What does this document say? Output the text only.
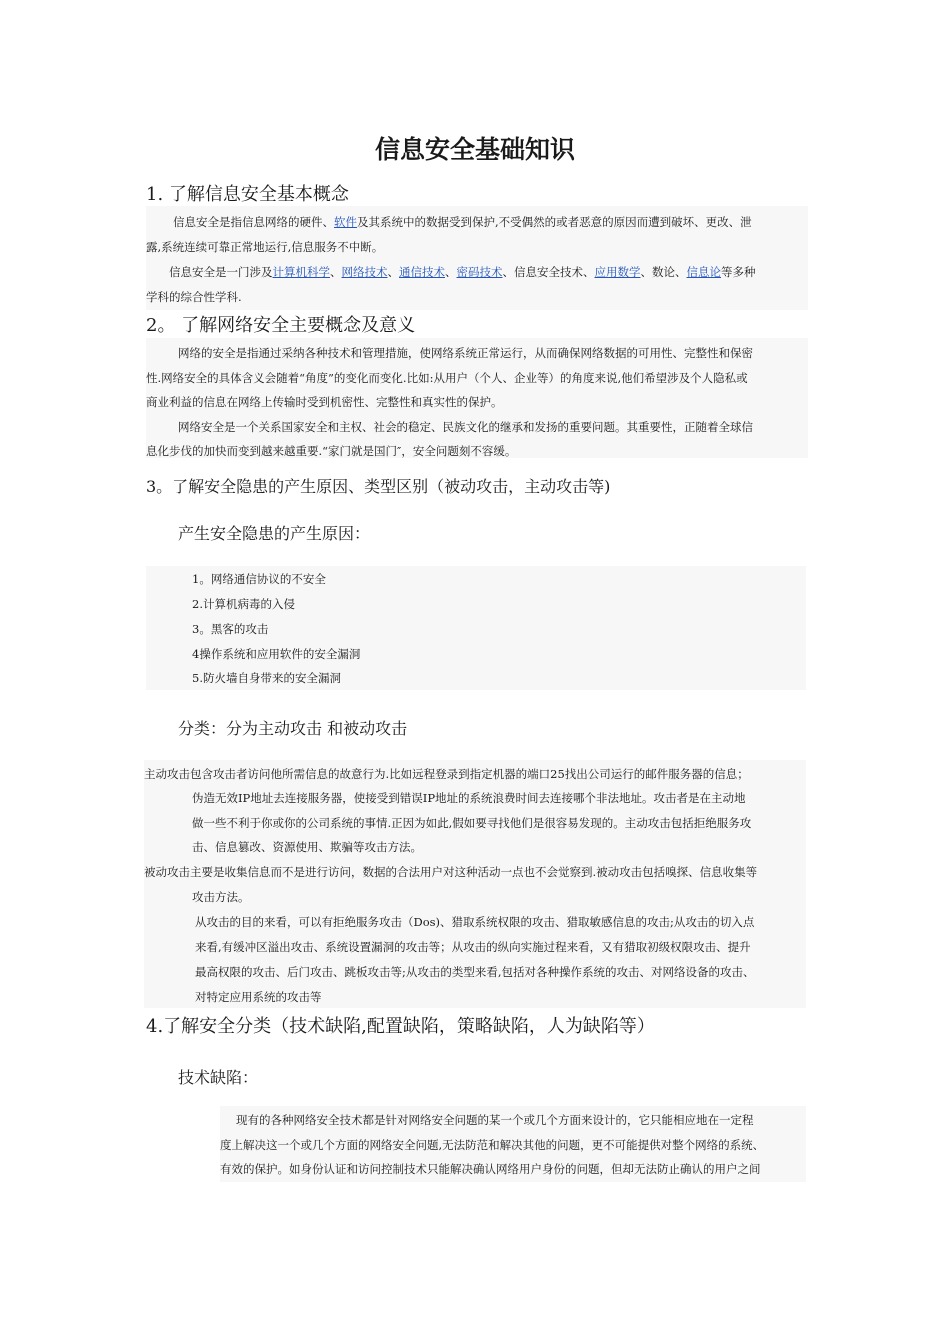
信息安全基础知识
1. 了解信息安全基本概念
信息安全是指信息网络的硬件、软件及其系统中的数据受到保护,不受偶然的或者恶意的原因而遭到破坏、更改、泄
露,系统连续可靠正常地运行,信息服务不中断。
信息安全是一门涉及计算机科学、网络技术、通信技术、密码技术、信息安全技术、应用数学、数论、信息论等多种
学科的综合性学科.
2。 了解网络安全主要概念及意义
网络的安全是指通过采纳各种技术和管理措施，使网络系统正常运行，从而确保网络数据的可用性、完整性和保密
性.网络安全的具体含义会随着“角度”的变化而变化.比如:从用户（个人、企业等）的角度来说,他们希望涉及个人隐私或
商业利益的信息在网络上传输时受到机密性、完整性和真实性的保护。
网络安全是一个关系国家安全和主权、社会的稳定、民族文化的继承和发扬的重要问题。其重要性，正随着全球信
息化步伐的加快而变到越来越重要.“家门就是国门″，安全问题刻不容缓。
3。了解安全隐患的产生原因、类型区别（被动攻击，主动攻击等)
产生安全隐患的产生原因：
1。网络通信协议的不安全
2.计算机病毒的入侵
3。黑客的攻击
4操作系统和应用软件的安全漏洞
5.防火墙自身带来的安全漏洞
分类：分为主动攻击 和被动攻击
主动攻击包含攻击者访问他所需信息的故意行为.比如远程登录到指定机器的端口25找出公司运行的邮件服务器的信息；
伪造无效IP地址去连接服务器，使接受到错误IP地址的系统浪费时间去连接哪个非法地址。攻击者是在主动地
做一些不利于你或你的公司系统的事情.正因为如此,假如要寻找他们是很容易发现的。主动攻击包括拒绝服务攻
击、信息篡改、资源使用、欺骗等攻击方法。
被动攻击主要是收集信息而不是进行访问，数据的合法用户对这种活动一点也不会觉察到.被动攻击包括嗅探、信息收集等
攻击方法。
从攻击的目的来看，可以有拒绝服务攻击（Dos)、猎取系统权限的攻击、猎取敏感信息的攻击;从攻击的切入点
来看,有缓冲区溢出攻击、系统设置漏洞的攻击等；从攻击的纵向实施过程来看，又有猎取初级权限攻击、提升
最高权限的攻击、后门攻击、跳板攻击等;从攻击的类型来看,包括对各种操作系统的攻击、对网络设备的攻击、
对特定应用系统的攻击等
4.了解安全分类（技术缺陷,配置缺陷，策略缺陷，人为缺陷等）
技术缺陷：
现有的各种网络安全技术都是针对网络安全问题的某一个或几个方面来设计的，它只能相应地在一定程
度上解决这一个或几个方面的网络安全问题,无法防范和解决其他的问题，更不可能提供对整个网络的系统、
有效的保护。如身份认证和访问控制技术只能解决确认网络用户身份的问题，但却无法防止确认的用户之间
